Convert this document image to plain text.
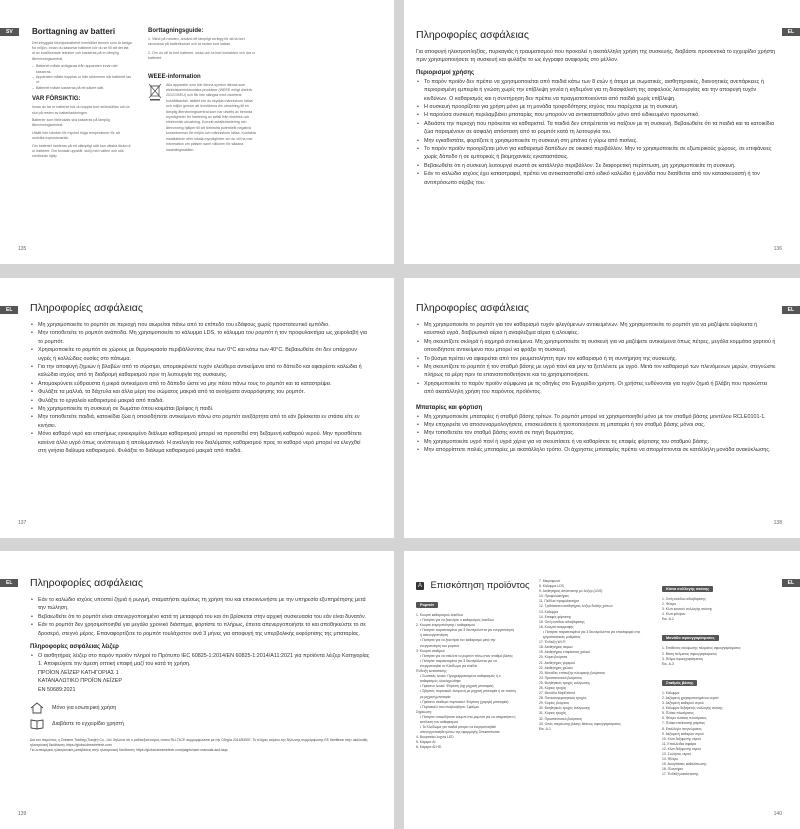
SV	Borttagning av batteri
Det inbyggda litiumjonbatteriet innehåller ämnen som är farliga för miljön. Innan du kasserar batteriet bör du se till att det tas ut av kvalificerade tekniker och kasseras på en lämplig återvinningscentral.
– Batteriet måste avlägsnas från apparaten innan det kasseras.
– Apparaten måste kopplas ur från strömmen när batteriet tas ur.
– Batteriet måste kasseras på ett säkert sätt.
VAR FÖRSIKTIG:
Innan du tar ur batteriet bör du koppla bort strömkällan och ta slut på resten av batteriladdningen.
Batterier som förbrukats ska kasseras på lämplig återvinningscentral.
Utsätt inte roboten för mycket höga temperaturer för att undvika explosionsrisk.
Om batteriet hanteras på ett olämpligt sätt kan vätska läcka ut ur batteriet. Om kontakt uppstår, skölj med vatten och sök medicinsk hjälp.
Borttagningsguide:
1. Vänd på roboten, använd ett lämpligt verktyg för att ta bort skruvarna på batteriluckan och ta sedan bort luckan.
2. Om du vill ta bort batteriet, lossa och ta bort kontakten och dra ur batteriet.
WEEE-information
Alla apparater som bär denna symbol räknas som elektriska/elektroniska produkter (WEEE enligt direktiv 2012/19/EU) och får inte slängas med osorterat hushållsavfall. Istället bör du skydda människors hälsa och miljön genom att överlämna din utrustning till en lämplig återvinningscentral som har utsetts av berörda myndigheter för hantering av avfall från elektrisk och elektronisk utrustning. Korrekt avfallshantering och återvinning hjälper till att förhindra potentiellt negativa konsekvenser för miljön och människors hälsa. Kontakta installatören eller lokala myndigheter om du vill ha mer information om platsen samt villkoren för sådana insamlingsställen.
135
EL
Πληροφορίες ασφάλειας
Για αποφυγή ηλεκτροπληξίας, πυρκαγιάς ή τραυματισμού που προκαλεί η ακατάλληλη χρήση της συσκευής, διαβάστε προσεκτικά το εγχειρίδιο χρήστη πριν χρησιμοποιήσετε τη συσκευή και φυλάξτε το ως έγγραφο αναφοράς στο μέλλον.
Περιορισμοί χρήσης
• Το παρόν προϊόν δεν πρέπει να χρησιμοποιείται από παιδιά κάτω των 8 ετών ή άτομα με σωματικές, αισθητηριακές, διανοητικές ανεπάρκειες ή περιορισμένη εμπειρία ή γνώση χωρίς την επίβλεψη γονέα ή κηδεμόνα για τη διασφάλιση της ασφαλούς λειτουργίας και την αποφυγή τυχόν κινδύνων. Ο καθαρισμός και η συντήρηση δεν πρέπει να πραγματοποιούνται από παιδιά χωρίς επίβλεψη.
• Η συσκευή προορίζεται για χρήση μόνο με τη μονάδα τροφοδότησης ισχύος που παρέχεται με τη συσκευή.
• Η παρούσα συσκευή περιλαμβάνει μπαταρίες που μπορούν να αντικατασταθούν μόνο από ειδικευμένο προσωπικό.
• Αδειάστε την περιοχή που πρόκειται να καθαριστεί. Τα παιδιά δεν επιτρέπεται να παίζουν με τη συσκευή. Βεβαιωθείτε ότι τα παιδιά και τα κατοικίδια ζώα παραμένουν σε ασφαλή απόσταση από το ρομπότ κατά τη λειτουργία του.
• Μην εγκαθιστάτε, φορτίζετε ή χρησιμοποιείτε τη συσκευή στη μπάνια ή γύρω από πισίνες.
• Το παρόν προϊόν προορίζεται μόνο για καθαρισμό δαπέδων σε οικιακό περιβάλλον. Μην το χρησιμοποιείτε σε εξωτερικούς χώρους, σε επιφάνειες χωρίς δάπεδο ή σε εμπορικές ή βιομηχανικές εγκαταστάσεις.
• Βεβαιωθείτε ότι η συσκευή λειτουργεί σωστά σε κατάλληλο περιβάλλον. Σε διαφορετική περίπτωση, μη χρησιμοποιείτε τη συσκευή.
• Εάν το καλώδιο ισχύος έχει καταστραφεί, πρέπει να αντικατασταθεί από ειδικό καλώδιο ή μονάδα που διατίθεται από τον κατασκευαστή ή τον αντιπρόσωπο σέρβις του.
136
EL	Πληροφορίες ασφάλειας
• Μη χρησιμοποιείτε το ρομπότ σε περιοχή που αιωρείται πάνω από το επίπεδο του εδάφους χωρίς προστατευτικό εμπόδιο.
• Μην τοποθετείτε το ρομπότ ανάποδα. Μη χρησιμοποιείτε το κάλυμμα LDS, το κάλυμμα του ρομπότ ή τον προφυλακτήρα ως χειρολαβή για το ρομπότ.
• Χρησιμοποιείτε το ρομπότ σε χώρους με θερμοκρασία περιβάλλοντος άνω των 0°C και κάτω των 40°C. Βεβαιωθείτε ότι δεν υπάρχουν υγρές ή κολλώδεις ουσίες στο πάτωμα.
• Για την αποφυγή ζημιών ή βλαβών από το σύρσιμο, απομακρύνετε τυχόν ελεύθερα αντικείμενα από το δάπεδο και αφαιρέστε καλώδια ή καλώδια ισχύος από τη διαδρομή καθαρισμού πριν τη λειτουργία της συσκευής.
• Απομακρύνετε εύθραυστα ή μικρά αντικείμενα από το δάπεδο ώστε να μην πέσει πάνω τους το ρομπότ και τα καταστρέψει.
• Φυλάξτε τα μαλλιά, τα δάχτυλα και άλλα μέρη του σώματος μακριά από τα ανοίγματα αναρρόφησης του ρομπότ.
• Φυλάξτε το εργαλείο καθαρισμού μακριά από παιδιά.
• Μη χρησιμοποιείτε τη συσκευή σε δωμάτιο όπου κοιμάται βρέφος ή παιδί.
• Μην τοποθετείτε παιδιά, κατοικίδια ζώα ή οποιοδήποτε αντικείμενο πάνω στο ρομπότ ανεξάρτητα από το εάν βρίσκεται εν στάσει είτε εν κινήσει.
• Μόνο καθαρό νερό και επισήμως εγκεκριμένο διάλυμα καθαρισμού μπορεί να προστεθεί στη δεξαμενή καθαρού νερού. Μην προσθέτετε κανένα άλλο υγρό όπως οινόπνευμα ή απολυμαντικό. Η αναλογία του διαλύματος καθαρισμού προς το καθαρό νερό μπορεί να ελεγχθεί στη γνήσια διάλυμα καθαρισμού. Φυλάξτε το διάλυμα καθαρισμού μακριά από παιδιά.
137
EL
Πληροφορίες ασφάλειας
• Μη χρησιμοποιείτε το ρομπότ για τον καθαρισμό τυχόν φλεγόμενων αντικειμένων. Μη χρησιμοποιείτε το ρομπότ για να μαζέψετε εύφλεκτα ή καυστικά υγρά, διαβρωτικά αέρια ή αναφλεξιμα αέρια ή αλουφίες.
• Μη σκουπίζετε σκληρά ή αιχμηρά αντικείμενα. Μη χρησιμοποιείτε τη συσκευή για να μαζέψετε αντικείμενα όπως πέτρες, μεγάλα κομμάτια χαρτιού ή οποιοδήποτε αντικείμενο που μπορεί να φράξει τη συσκευή.
• Το βύσμα πρέπει να αφαιρείται από τον ρευματολήπτη πριν τον καθαρισμό ή τη συντήρηση της συσκευής.
• Μη σκουπίζετε το ρομπότ ή τον σταθμό βάσης με υγρό πανί και μην τα ξεπλένετε με υγρό. Μετά τον καθαρισμό των πλενόμενων μερών, στεγνώστε πλήρως τα μέρη πριν τα επανατοποθετήσετε και τα χρησιμοποιήσετε.
• Χρησιμοποιείτε το παρόν προϊόν σύμφωνα με τις οδηγίες στο Εγχειρίδιο χρήστη. Οι χρήστες ευθύνονται για τυχόν ζημιά ή βλάβη που προκύπτει από ακατάλληλη χρήση του παρόντος προϊόντος.
Μπαταρίες και φόρτιση
• Μη χρησιμοποιείτε μπαταρίες ή σταθμό βάσης τρίτων. Το ρομπότ μπορεί να χρησιμοποιηθεί μόνο με τον σταθμό βάσης μοντέλου RCLE0101-1.
• Μην επιχειρείτε να αποσυναρμολογήσετε, επισκευάσετε ή τροποποιήσετε τη μπαταρία ή τον σταθμό βάσης μόνοι σας.
• Μην τοποθετείτε τον σταθμό βάσης κοντά σε πηγή θερμότητας.
• Μη χρησιμοποιείτε υγρό πανί ή υγρά χέρια για να σκουπίσετε ή να καθαρίσετε τις επαφές φόρτισης του σταθμού βάσης.
• Μην απορρίπτετε παλιές μπαταρίες με ακατάλληλο τρόπο. Οι άχρηστες μπαταρίες πρέπει να απορρίπτονται σε κατάλληλη μονάδα ανακύκλωσης.
138
EL	Πληροφορίες ασφάλειας
• Εάν το καλώδιο ισχύος υποστεί ζημιά ή ρωγμή, σταματήστε αμέσως τη χρήση του και επικοινωνήστε με την υπηρεσία εξυπηρέτησης μετά την πώληση.
• Βεβαιωθείτε ότι το ρομπότ είναι απενεργοποιημένο κατά τη μεταφορά του και ότι βρίσκεται στην αρχική συσκευασία του εάν είναι δυνατόν.
• Εάν το ρομπότ δεν χρησιμοποιηθεί για μεγάλο χρονικό διάστημα, φορτίστε το πλήρως, έπειτα απενεργοποιήστε το και αποθηκεύστε το σε δροσερό, στεγνό μέρος. Επαναφορτίζετε το ρομπότ τουλάχιστον ανά 3 μήνες για αποφυγή της υπερβολικής εκφόρτισης της μπαταρίας.
Πληροφορίες ασφάλειας λέιζερ
• Ο αισθητήρας λέιζερ στο παρόν προϊόν πληροί το Πρότυπο IEC 60825-1:2014/EN 60825-1:2014/A11:2021 για προϊόντα λέιζερ Κατηγορίας 1. Αποφεύγετε την άμεση οπτική επαφή μαζί του κατά τη χρήση.
ΠΡΟΪΟΝ ΛΕΪΖΕΡ ΚΑΤΗΓΟΡΙΑΣ 1
ΚΑΤΑΝΑΛΩΤΙΚΟ ΠΡΟΪΟΝ ΛΕΪΖΕΡ
EN 50689:2021
Μόνο για εσωτερική χρήση
Διαβάστε το εγχειρίδιο χρηστή
Δια του παρόντος, η Dreame Trading (Tianjin) Co., Ltd. δηλώνει ότι ο ραδιοεξοπλισμός τύπου RLL74CE συμμορφώνεται με την Οδηγία 2014/53/ΕΕ. Το πλήρες κείμενο της δήλωσης συμμόρφωσης ΕΕ διατίθεται στην ακόλουθη ηλεκτρονική διεύθυνση: https://global.dreametech.com
Για λεπτομερείς ηλεκτρονικές μεταβάσεις στην ηλεκτρονική διεύθυνση: https://global.dreametech.com/pages/user-manuals-and-faqs
139
EL
A Επισκόπηση προϊόντος
Ρομπότ
1. Κουμπί καθαρισμού λεκέδων
• Πατήστε για να ξεκινήσει ο καθαρισμός λεκέδων
2. Κουμπί ενεργοποίησης / καθαρισμού
• Πατήστε παρατεταμένα για 3 δευτερόλεπτα για ενεργοποίηση ή απενεργοποίηση
• Πατήστε για να ξεκινήσει τον καθαρισμό μετά την ενεργοποίηση του ρομπότ
3. Κουμπί σταθμού
• Πατήστε για να στείλετε το ρομπότ πίσω στον σταθμό βάσης
• Πατήστε παρατεταμένα για 3 δευτερόλεπτα για να ενεργοποιηθεί το Κλείδωμα για παιδιά
Ένδειξη κατάστασης
• Σωστικές λευκό: Προγραμματισμένο καθαρισμός ή ο καθαρισμός ολοκληρώθηκε
• Πράσινο λευκό: Φόρτιση (όχι μηχανή μπαταρία)
• Σβηστές πορτοκαλί: Ανομονή με μηχανή μπαταρία ή σε παύση με μηχανή μπαταρία
• Πράσινο σταθερό πορτοκαλί: Φόρτιση (χαμηλή μπαταρία)
• Πορτοκαλί που αναβοσβήνει: Σφάλμα
Σημείωση:
• Πατηστε οποιοδήποτε κουμπί στο ρομπότ για να σταματήσει η εκτέλεση του καθαρισμού
• Το Κλείδωμα για παιδιά μπορεί να ενεργοποιηθεί/απενεργοποιηθεί μέσω της εφαρμογής Dreamehome.
4. Βουρτσάκι λυχνία LED
5. Κάμερα AI
6. Κάμερα AI HD
7. Μικρόφωνο
8. Κάλυμμα LDS
9. Αισθητήρας απόστασης με λέιζερ (LDS)
10. Προφυλακτήρας
11. Πεδίλια προφυλακτήρα
12. Τριδιάστατο αισθητήρας λέιζερ διόθης χύπων
13. Κάλυμμα
14. Επαφές φόρτισης
15. Οπή εισόδου αδιαβάρεσης
16. Κουμπί αναρροφής
• Πατήστε παρατεταμένα για 3 δευτερόλεπτα για επαναφορά στις εργοστασιακές ρυθμίσεις
17. Ένδειξη Wi-Fi
18. Αισθητήρας άκρων
19. Αισθητήρας επιφάνειας χαλιού
20. Κύρια βούρτσα
21. Αισθητήρες γκρεμού
22. Αισθητήρες χαλιών
23. Μονάδες επίτευξης πλευρικής βούρτσας
24. Προστατευτικό βούρτσας
25. Βοηθητικός τροχός ανύψωσης
26. Κύριος τροχός
27. Μονάδα MopExtend
28. Πανιοσυγκρατητικός τροχός
29. Κύριος βούρτσα
30. Βοηθητικός τροχός ανύψωσης
31. Κύριος τροχός
32. Προστατευτικό βούρτσας
33. Οπές στερέωσης βάσης θέσεως σφουγγαρίσματος
Εικ. A-1
Κάπα συλλογής σκόνης
1. Οπή εισόδου αδιαβάρεσης
2. Φίλτρο
3. Κλιπ κουτιού συλλογής σκόνης
4. Κλιπ φίλτρου
Εικ. A-2
Μονάδα σφουγγαρίσματος
1. Επιθέσεις ανύψωσης πέλματος σφουγγαρίσματος
2. Βάση πέλματος σφουγγαρίσματος
3. Πέλμα σφουγγαρίσματος
Εικ. A-3
Σταθμός βάσης
1. Κάλυμμα
2. Δεξαμενή χρησιμοποιημένου νερού
3. Δεξαμενή καθαρού νερού
4. Κάλυμμα δεξαμενής συλλογής σκόνης
5. Πλάκα πλυσίματος
6. Φίλτρο πλάκας πλυσίματος
7. Πλάκα επέκτασης ράμπας
8. Επάλληλο στεγνώματος
9. Δεξαμενή καθαρού νερού
10. Κλιπ δεξαμενής νερού
11. Επαλλείδια σφαίρα
12. Κλιπ δεξαμενής νερού
13. Σωλήνας νερού
14. Φίλτρο
15. Ανοιγτάσεις καθαλάτωσης
16. Πλυντήριο
17. Ένδειξη κατάστασης
140
